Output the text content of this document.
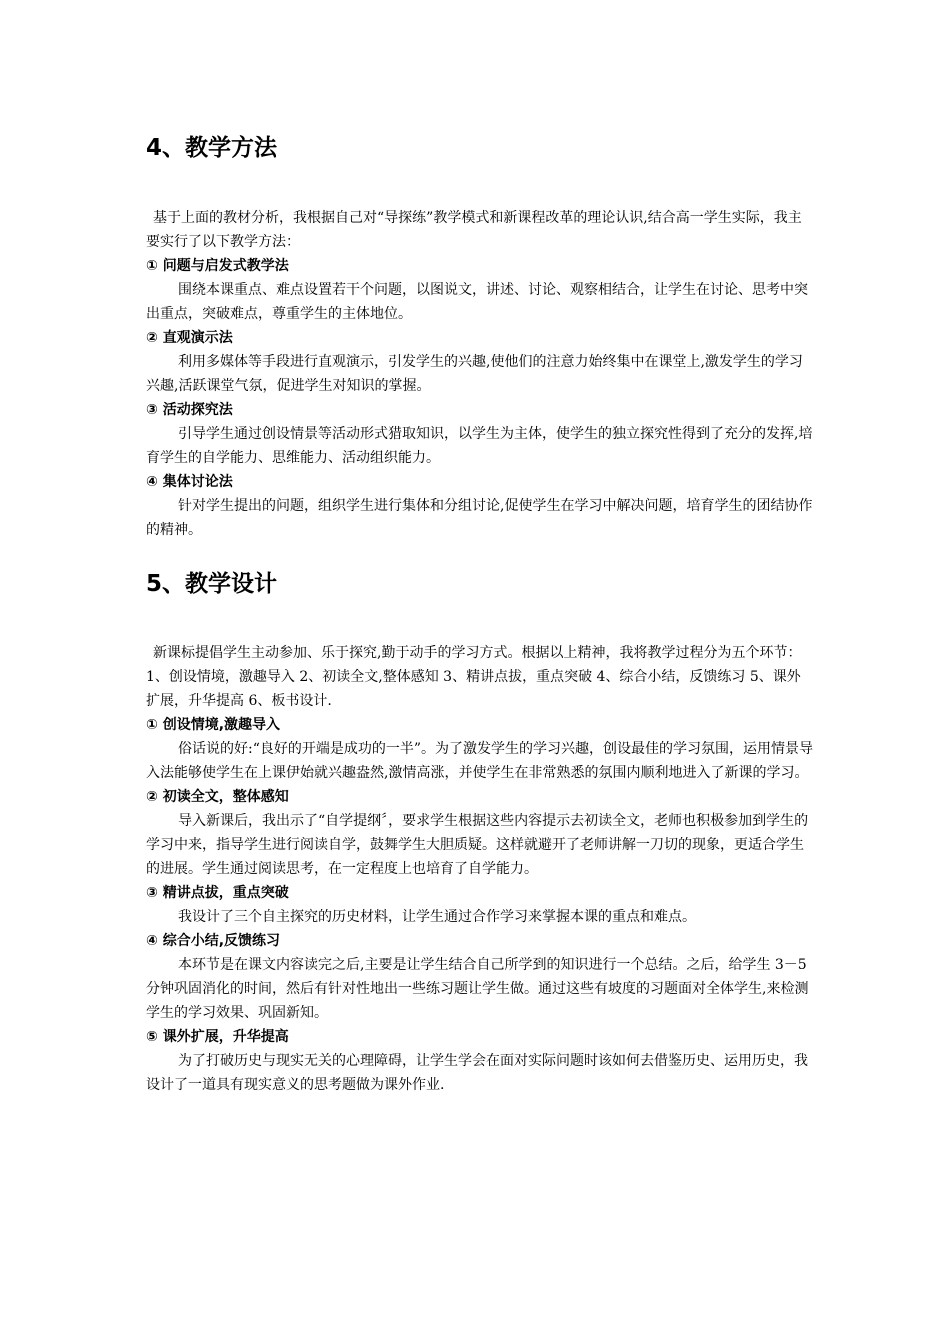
4、教学方法

基于上面的教材分析，我根据自己对“导探练”教学模式和新课程改革的理论认识,结合高一学生实际，我主要实行了以下教学方法：

① 问题与启发式教学法

围绕本课重点、难点设置若干个问题，以图说文，讲述、讨论、观察相结合，让学生在讨论、思考中突出重点，突破难点，尊重学生的主体地位。

② 直观演示法

利用多媒体等手段进行直观演示，引发学生的兴趣,使他们的注意力始终集中在课堂上,激发学生的学习兴趣,活跃课堂气氛，促进学生对知识的掌握。

③ 活动探究法

引导学生通过创设情景等活动形式猎取知识，以学生为主体，使学生的独立探究性得到了充分的发挥,培育学生的自学能力、思维能力、活动组织能力。

④ 集体讨论法

针对学生提出的问题，组织学生进行集体和分组讨论,促使学生在学习中解决问题，培育学生的团结协作的精神。

5、教学设计

新课标提倡学生主动参加、乐于探究,勤于动手的学习方式。根据以上精神，我将教学过程分为五个环节：1、创设情境，激趣导入 2、初读全文,整体感知 3、精讲点拔，重点突破 4、综合小结，反馈练习 5、课外扩展，升华提高 6、板书设计.

① 创设情境,激趣导入

俗话说的好:“良好的开端是成功的一半”。为了激发学生的学习兴趣，创设最佳的学习氛围，运用情景导入法能够使学生在上课伊始就兴趣盎然,激情高涨，并使学生在非常熟悉的氛围内顺利地进入了新课的学习。

② 初读全文，整体感知

导入新课后，我出示了“自学提纲〞，要求学生根据这些内容提示去初读全文，老师也积极参加到学生的学习中来，指导学生进行阅读自学，鼓舞学生大胆质疑。这样就避开了老师讲解一刀切的现象，更适合学生的进展。学生通过阅读思考，在一定程度上也培育了自学能力。

③ 精讲点拔，重点突破

我设计了三个自主探究的历史材料，让学生通过合作学习来掌握本课的重点和难点。

④ 综合小结,反馈练习

本环节是在课文内容读完之后,主要是让学生结合自己所学到的知识进行一个总结。之后，给学生 3－5 分钟巩固消化的时间，然后有针对性地出一些练习题让学生做。通过这些有坡度的习题面对全体学生,来检测学生的学习效果、巩固新知。

⑤ 课外扩展，升华提高

为了打破历史与现实无关的心理障碍，让学生学会在面对实际问题时该如何去借鉴历史、运用历史，我设计了一道具有现实意义的思考题做为课外作业.
